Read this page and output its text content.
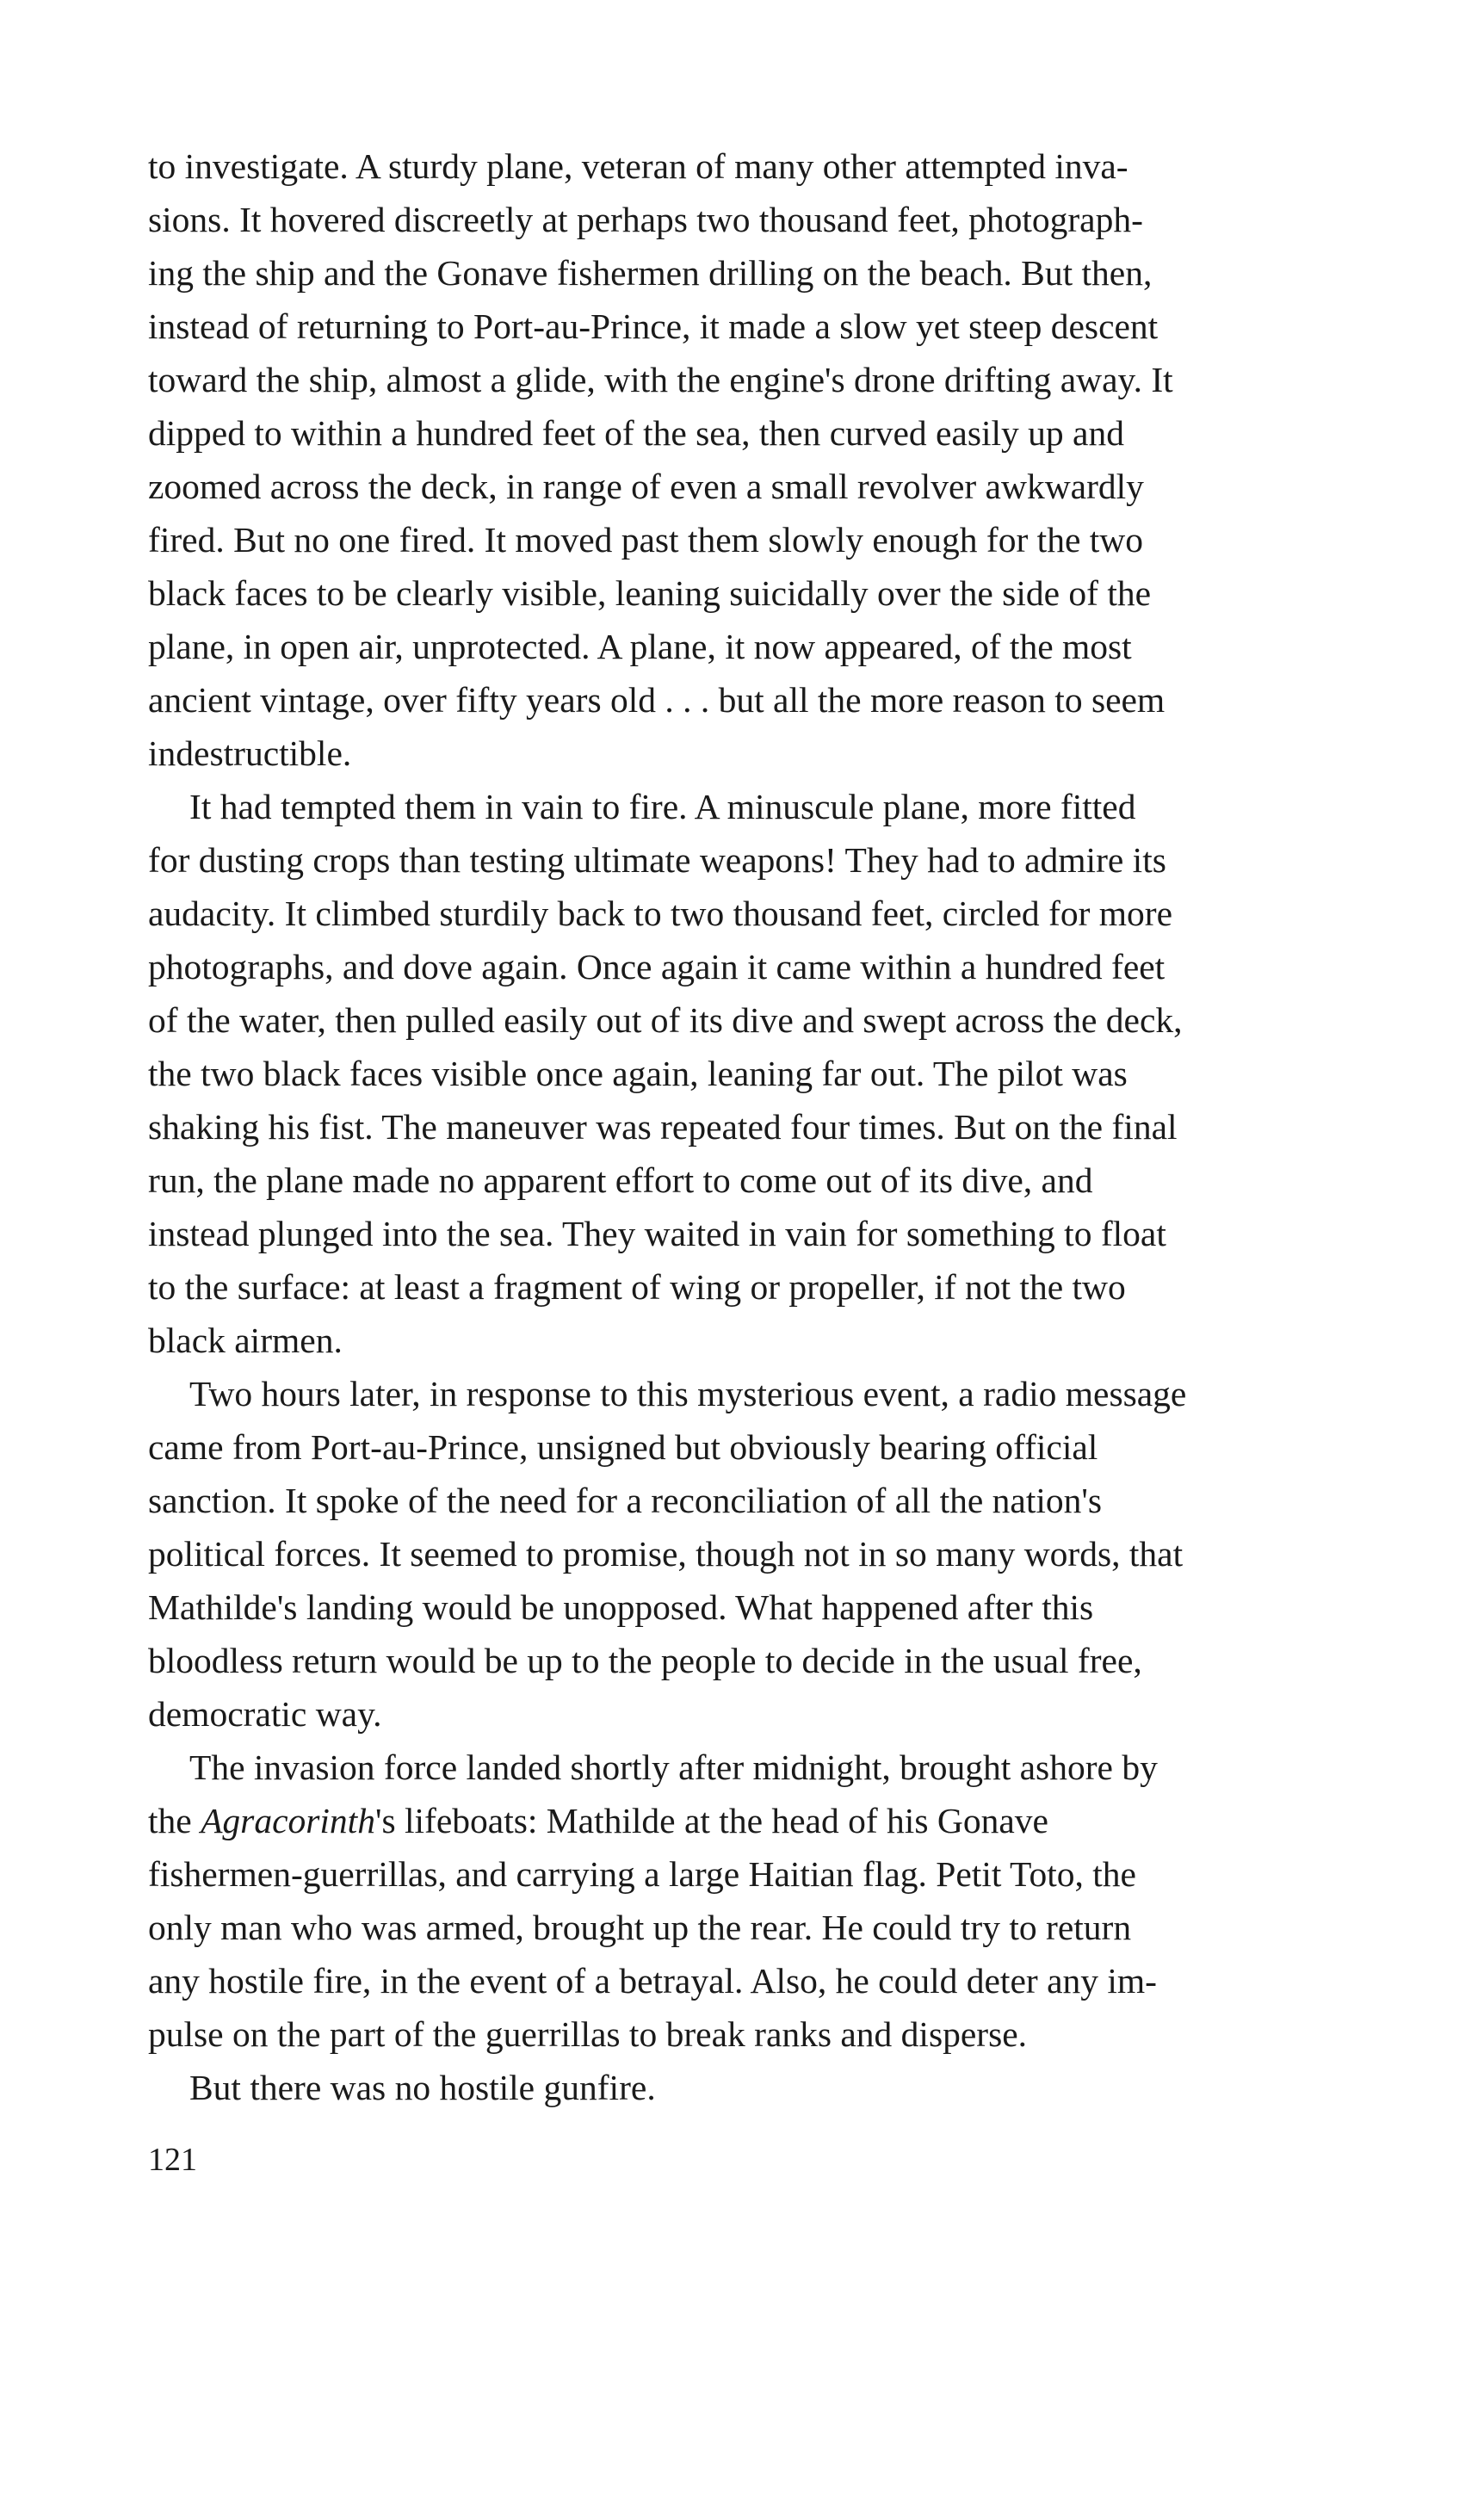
to investigate. A sturdy plane, veteran of many other attempted inva-
sions. It hovered discreetly at perhaps two thousand feet, photograph-
ing the ship and the Gonave fishermen drilling on the beach. But then,
instead of returning to Port-au-Prince, it made a slow yet steep descent
toward the ship, almost a glide, with the engine's drone drifting away. It
dipped to within a hundred feet of the sea, then curved easily up and
zoomed across the deck, in range of even a small revolver awkwardly
fired. But no one fired. It moved past them slowly enough for the two
black faces to be clearly visible, leaning suicidally over the side of the
plane, in open air, unprotected. A plane, it now appeared, of the most
ancient vintage, over fifty years old . . . but all the more reason to seem
indestructible.

It had tempted them in vain to fire. A minuscule plane, more fitted
for dusting crops than testing ultimate weapons! They had to admire its
audacity. It climbed sturdily back to two thousand feet, circled for more
photographs, and dove again. Once again it came within a hundred feet
of the water, then pulled easily out of its dive and swept across the deck,
the two black faces visible once again, leaning far out. The pilot was
shaking his fist. The maneuver was repeated four times. But on the final
run, the plane made no apparent effort to come out of its dive, and
instead plunged into the sea. They waited in vain for something to float
to the surface: at least a fragment of wing or propeller, if not the two
black airmen.

Two hours later, in response to this mysterious event, a radio message
came from Port-au-Prince, unsigned but obviously bearing official
sanction. It spoke of the need for a reconciliation of all the nation's
political forces. It seemed to promise, though not in so many words, that
Mathilde's landing would be unopposed. What happened after this
bloodless return would be up to the people to decide in the usual free,
democratic way.

The invasion force landed shortly after midnight, brought ashore by
the Agracorinth's lifeboats: Mathilde at the head of his Gonave
fishermen-guerrillas, and carrying a large Haitian flag. Petit Toto, the
only man who was armed, brought up the rear. He could try to return
any hostile fire, in the event of a betrayal. Also, he could deter any im-
pulse on the part of the guerrillas to break ranks and disperse.

But there was no hostile gunfire.

121
